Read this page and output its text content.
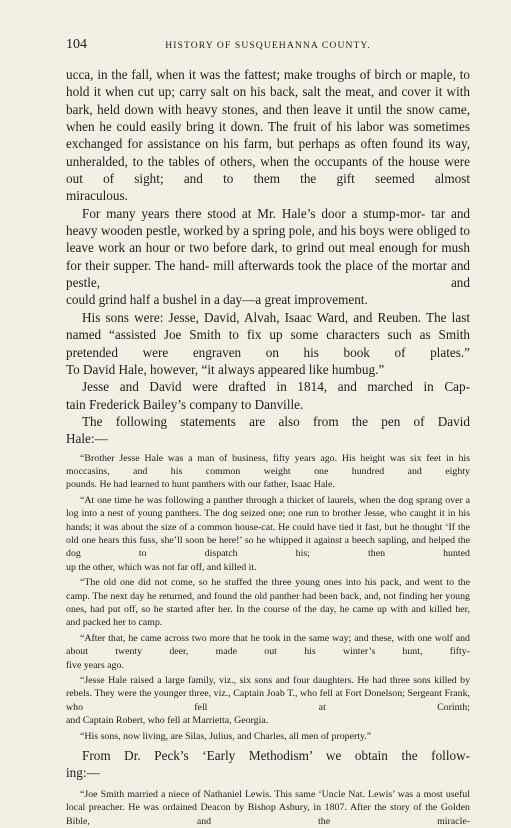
104	HISTORY OF SUSQUEHANNA COUNTY.

ucca, in the fall, when it was the fattest; make troughs of birch or maple, to hold it when cut up; carry salt on his back, salt the meat, and cover it with bark, held down with heavy stones, and then leave it until the snow came, when he could easily bring it down. The fruit of his labor was sometimes exchanged for assistance on his farm, but perhaps as often found its way, unheralded, to the tables of others, when the occupants of the house were out of sight; and to them the gift seemed almost

miraculous.

For many years there stood at Mr. Hale’s door a stump-mor- tar and heavy wooden pestle, worked by a spring pole, and his boys were obliged to leave work an hour or two before dark, to grind out meal enough for mush for their supper. The hand- mill afterwards took the place of the mortar and pestle, and

could grind half a bushel in a day—a great improvement.

His sons were: Jesse, David, Alvah, Isaac Ward, and Reuben. The last named “assisted Joe Smith to fix up some characters such as Smith pretended were engraven on his book of plates.”

To David Hale, however, “it always appeared like humbug.”

Jesse and David were drafted in 1814, and marched in Cap-

tain Frederick Bailey’s company to Danville.

The following statements are also from the pen of David

Hale:—

“Brother Jesse Hale was a man of business, fifty years ago. His height was six feet in his moccasins, and his common weight one hundred and eighty

pounds. He had learned to hunt panthers with our father, Isaac Hale.

“At one time he was following a panther through a thicket of laurels, when the dog sprang over a log into a nest of young panthers. The dog seized one; one run to brother Jesse, who caught it in his hands; it was about the size of a common house-cat. He could have tied it fast, but he thought ‘If the old one hears this fuss, she’ll soon be here!’ so he whipped it against a beech sapling, and helped the dog to dispatch his; then hunted

up the other, which was not far off, and killed it.

“The old one did not come, so he stuffed the three young ones into his pack, and went to the camp. The next day he returned, and found the old panther had been back, and, not finding her young ones, had put off, so he started after her. In the course of the day, he came up with and killed her,

and packed her to camp.

“After that, he came across two more that he took in the same way; and these, with one wolf and about twenty deer, made out his winter’s hunt, fifty-

five years ago.

“Jesse Hale raised a large family, viz., six sons and four daughters. He had three sons killed by rebels. They were the younger three, viz., Captain Joab T., who fell at Fort Donelson; Sergeant Frank, who fell at Corinth;

and Captain Robert, who fell at Marrietta, Georgia.

“His sons, now living, are Silas, Julius, and Charles, all men of property.”

From Dr. Peck’s ‘Early Methodism’ we obtain the follow-

ing:—

“Joe Smith married a niece of Nathaniel Lewis. This same ‘Uncle Nat. Lewis’ was a most useful local preacher. He was ordained Deacon by Bishop Asbury, in 1807. After the story of the Golden Bible, and the miracle-
